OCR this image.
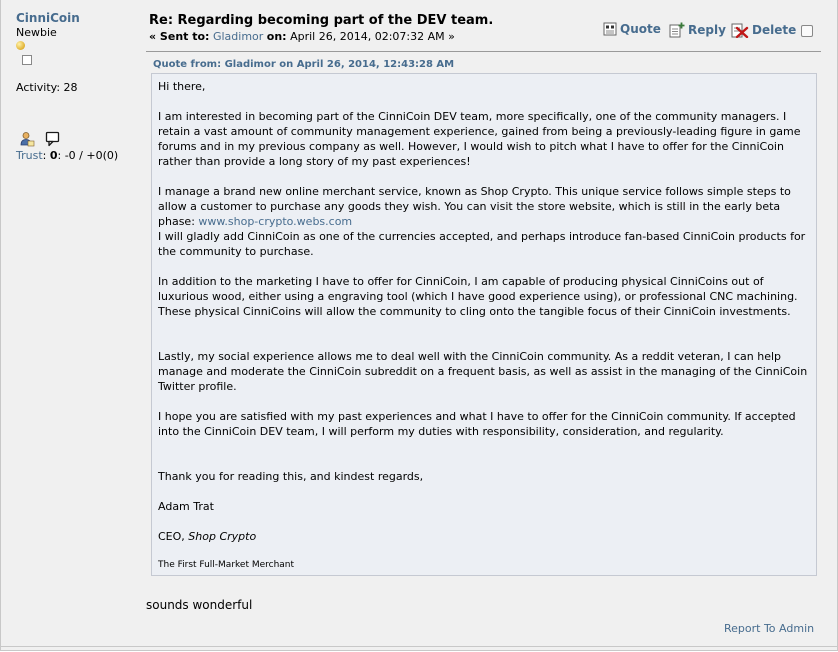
CinniCoin
Newbie
Activity: 28
Trust: 0: -0 / +0(0)
Re: Regarding becoming part of the DEV team.
« Sent to: Gladimor on: April 26, 2014, 02:07:32 AM »
Quote Reply Delete
Quote from: Gladimor on April 26, 2014, 12:43:28 AM
Hi there,
I am interested in becoming part of the CinniCoin DEV team, more specifically, one of the community managers. I retain a vast amount of community management experience, gained from being a previously-leading figure in game forums and in my previous company as well. However, I would wish to pitch what I have to offer for the CinniCoin rather than provide a long story of my past experiences!
I manage a brand new online merchant service, known as Shop Crypto. This unique service follows simple steps to allow a customer to purchase any goods they wish. You can visit the store website, which is still in the early beta phase: www.shop-crypto.webs.com
I will gladly add CinniCoin as one of the currencies accepted, and perhaps introduce fan-based CinniCoin products for the community to purchase.
In addition to the marketing I have to offer for CinniCoin, I am capable of producing physical CinniCoins out of luxurious wood, either using a engraving tool (which I have good experience using), or professional CNC machining. These physical CinniCoins will allow the community to cling onto the tangible focus of their CinniCoin investments.
Lastly, my social experience allows me to deal well with the CinniCoin community. As a reddit veteran, I can help manage and moderate the CinniCoin subreddit on a frequent basis, as well as assist in the managing of the CinniCoin Twitter profile.
I hope you are satisfied with my past experiences and what I have to offer for the CinniCoin community. If accepted into the CinniCoin DEV team, I will perform my duties with responsibility, consideration, and regularity.
Thank you for reading this, and kindest regards,
Adam Trat
CEO, Shop Crypto
The First Full-Market Merchant
sounds wonderful
Report To Admin
